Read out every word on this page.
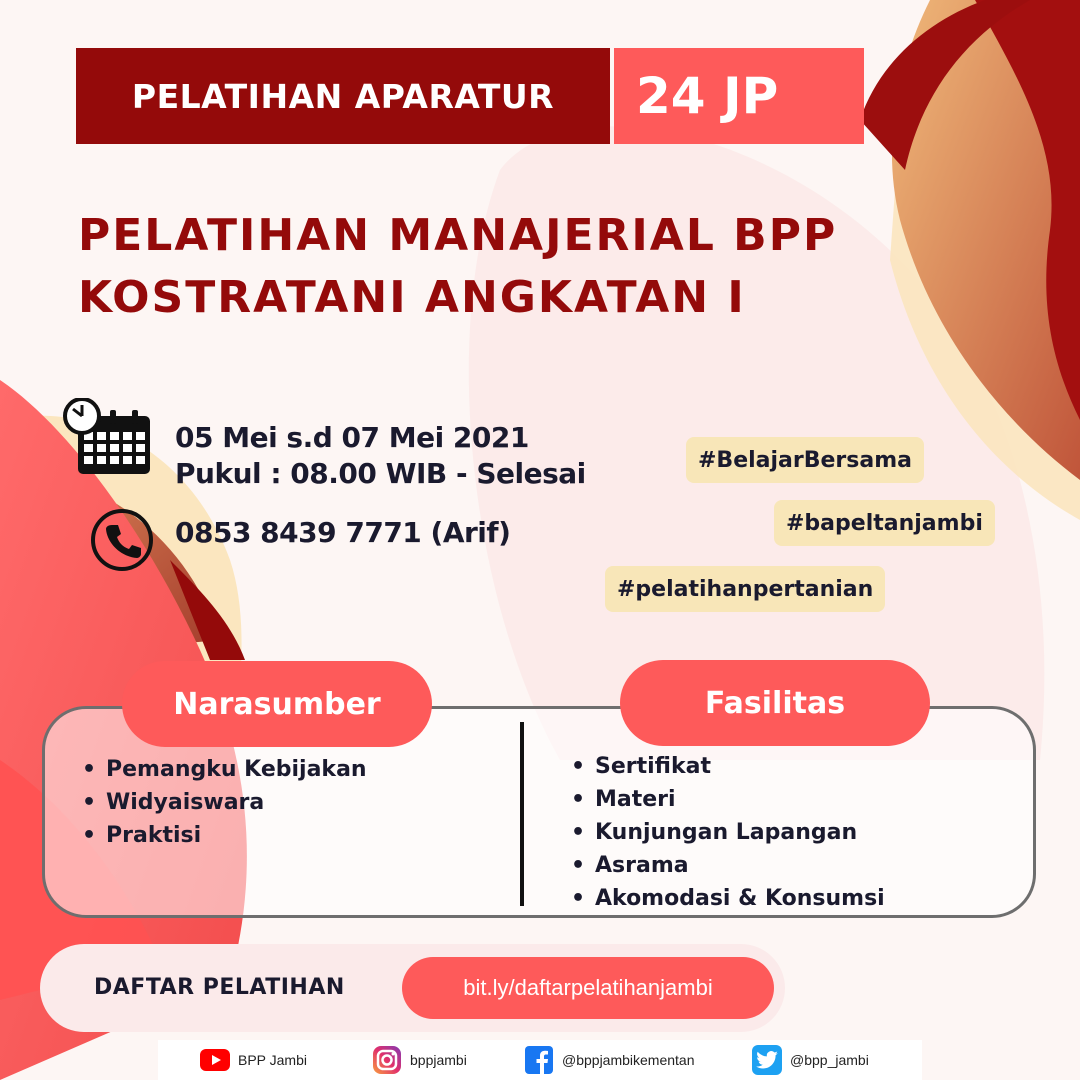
PELATIHAN APARATUR	24 JP
PELATIHAN MANAJERIAL BPP
KOSTRATANI ANGKATAN I
05 Mei s.d 07 Mei 2021
Pukul : 08.00 WIB - Selesai
0853 8439 7771 (Arif)
#BelajarBersama
#bapeltanjambi
#pelatihanpertanian
Narasumber	Fasilitas
• Pemangku Kebijakan
• Widyaiswara
• Praktisi
• Sertifikat
• Materi
• Kunjungan Lapangan
• Asrama
• Akomodasi & Konsumsi
DAFTAR PELATIHAN	bit.ly/daftarpelatihanjambi
BPP Jambi	bppjambi	@bppjambikementan	@bpp_jambi
